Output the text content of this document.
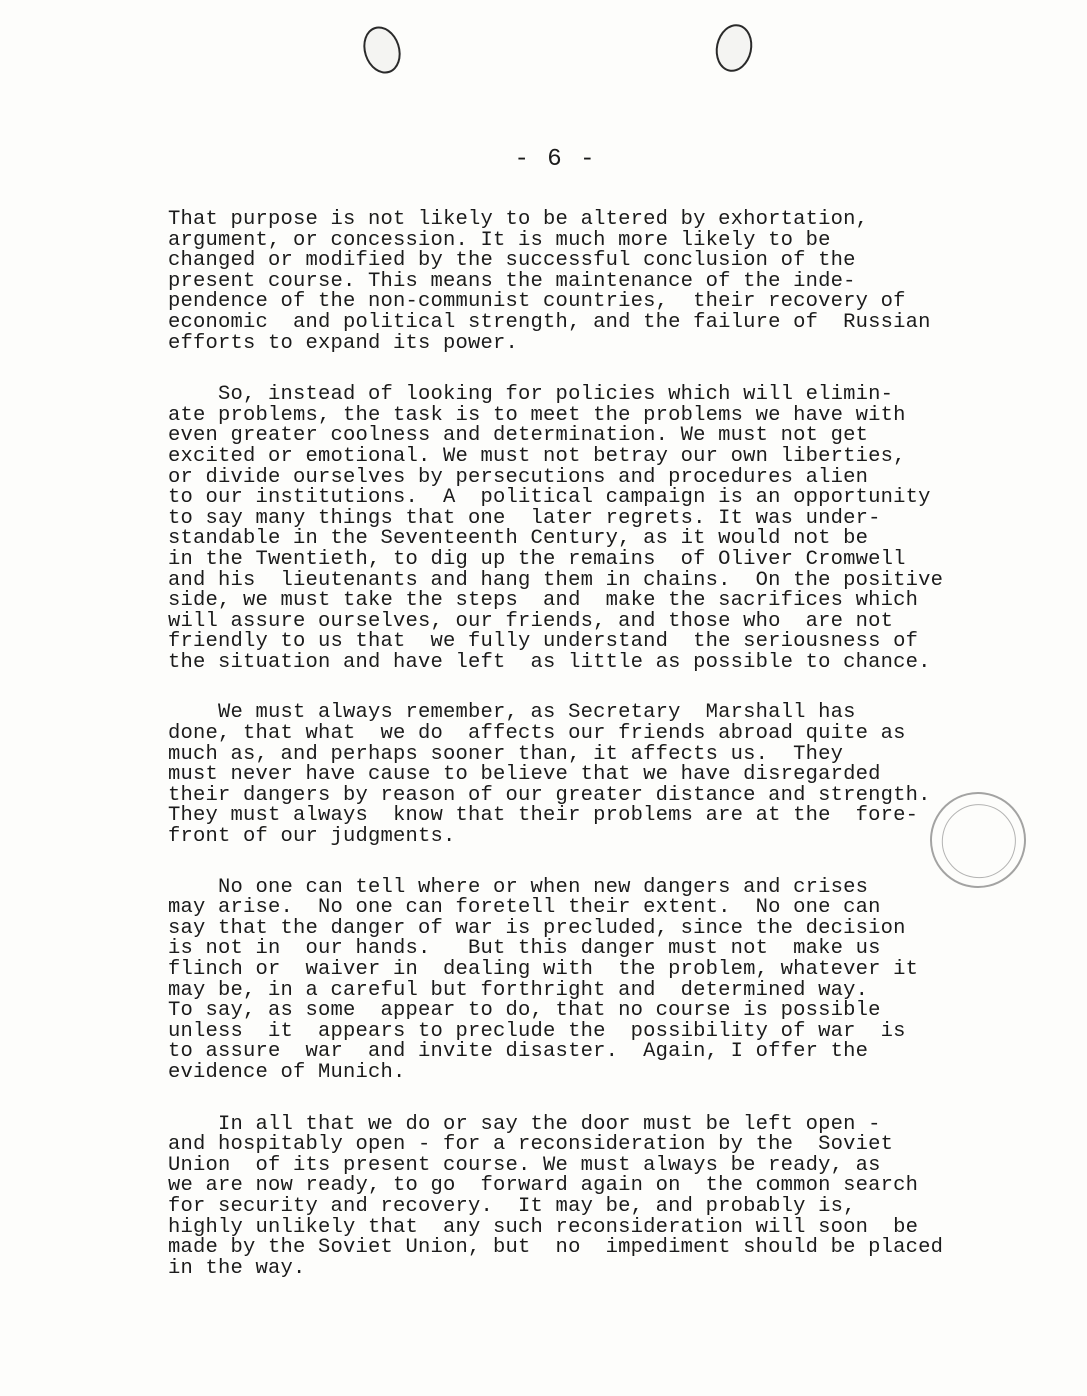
- 6 -
That purpose is not likely to be altered by exhortation,
argument, or concession. It is much more likely to be
changed or modified by the successful conclusion of the
present course. This means the maintenance of the inde-
pendence of the non-communist countries,  their recovery of
economic  and political strength, and the failure of  Russian
efforts to expand its power.
So, instead of looking for policies which will elimin-
ate problems, the task is to meet the problems we have with
even greater coolness and determination. We must not get
excited or emotional. We must not betray our own liberties,
or divide ourselves by persecutions and procedures alien
to our institutions.  A  political campaign is an opportunity
to say many things that one  later regrets. It was under-
standable in the Seventeenth Century, as it would not be
in the Twentieth, to dig up the remains  of Oliver Cromwell
and his  lieutenants and hang them in chains.  On the positive
side, we must take the steps  and  make the sacrifices which
will assure ourselves, our friends, and those who  are not
friendly to us that  we fully understand  the seriousness of
the situation and have left  as little as possible to chance.
We must always remember, as Secretary  Marshall has
done, that what  we do  affects our friends abroad quite as
much as, and perhaps sooner than, it affects us.  They
must never have cause to believe that we have disregarded
their dangers by reason of our greater distance and strength.
They must always  know that their problems are at the  fore-
front of our judgments.
No one can tell where or when new dangers and crises
may arise.  No one can foretell their extent.  No one can
say that the danger of war is precluded, since the decision
is not in  our hands.   But this danger must not  make us
flinch or  waiver in  dealing with  the problem, whatever it
may be, in a careful but forthright and  determined way.
To say, as some  appear to do, that no course is possible
unless  it  appears to preclude the  possibility of war  is
to assure  war  and invite disaster.  Again, I offer the
evidence of Munich.
In all that we do or say the door must be left open -
and hospitably open - for a reconsideration by the  Soviet
Union  of its present course. We must always be ready, as
we are now ready, to go  forward again on  the common search
for security and recovery.  It may be, and probably is,
highly unlikely that  any such reconsideration will soon  be
made by the Soviet Union, but  no  impediment should be placed
in the way.
